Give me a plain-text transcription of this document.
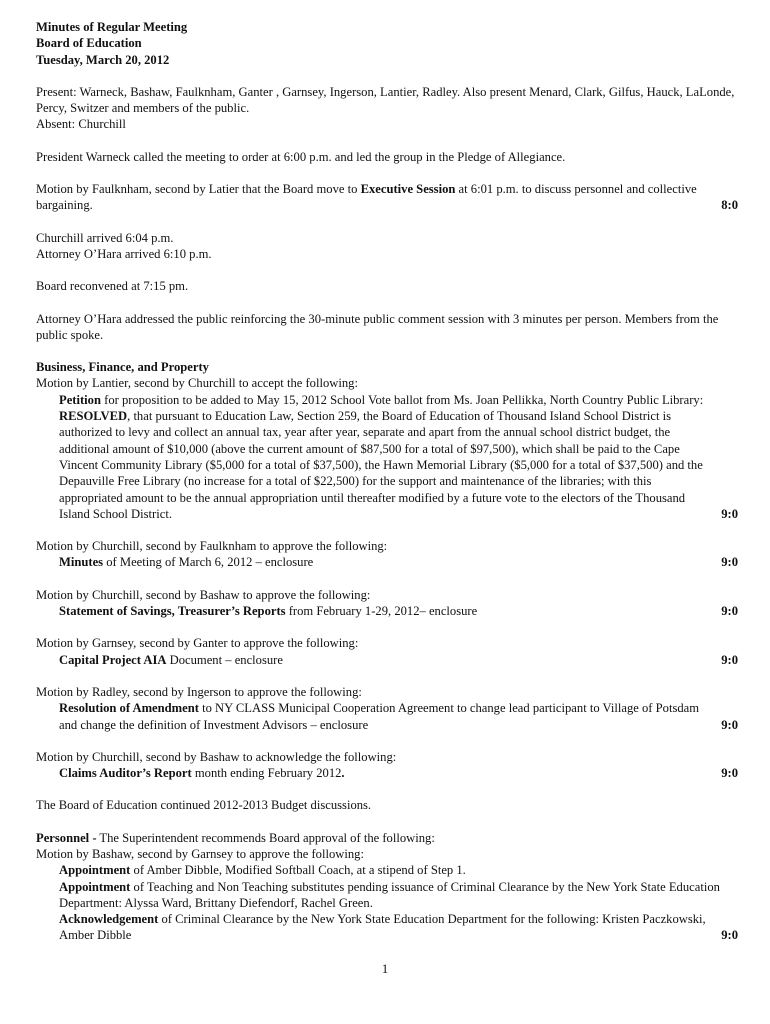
Minutes of Regular Meeting
Board of Education
Tuesday, March 20, 2012
Present: Warneck, Bashaw, Faulknham, Ganter , Garnsey, Ingerson, Lantier, Radley. Also present Menard, Clark, Gilfus, Hauck, LaLonde, Percy, Switzer and members of the public.
Absent: Churchill
President Warneck called the meeting to order at 6:00 p.m. and led the group in the Pledge of Allegiance.
Motion by Faulknham, second by Latier that the Board move to Executive Session at 6:01 p.m. to discuss personnel and collective bargaining.	8:0
Churchill arrived 6:04 p.m.
Attorney O’Hara arrived 6:10 p.m.
Board reconvened at 7:15 pm.
Attorney O’Hara addressed the public reinforcing the 30-minute public comment session with 3 minutes per person. Members from the public spoke.
Business, Finance, and Property
Motion by Lantier, second by Churchill to accept the following:
Petition for proposition to be added to May 15, 2012 School Vote ballot from Ms. Joan Pellikka, North Country Public Library: RESOLVED, that pursuant to Education Law, Section 259, the Board of Education of Thousand Island School District is authorized to levy and collect an annual tax, year after year, separate and apart from the annual school district budget, the additional amount of $10,000 (above the current amount of $87,500 for a total of $97,500), which shall be paid to the Cape Vincent Community Library ($5,000 for a total of $37,500), the Hawn Memorial Library ($5,000 for a total of $37,500) and the Depauville Free Library (no increase for a total of $22,500) for the support and maintenance of the libraries; with this appropriated amount to be the annual appropriation until thereafter modified by a future vote to the electors of the Thousand Island School District.	9:0
Motion by Churchill, second by Faulknham to approve the following:
Minutes of Meeting of March 6, 2012 – enclosure	9:0
Motion by Churchill, second by Bashaw to approve the following:
Statement of Savings, Treasurer’s Reports from February 1-29, 2012– enclosure	9:0
Motion by Garnsey, second by Ganter to approve the following:
Capital Project AIA Document – enclosure	9:0
Motion by Radley, second by Ingerson to approve the following:
Resolution of Amendment to NY CLASS Municipal Cooperation Agreement to change lead participant to Village of Potsdam and change the definition of Investment Advisors – enclosure	9:0
Motion by Churchill, second by Bashaw to acknowledge the following:
Claims Auditor’s Report month ending February 2012.	9:0
The Board of Education continued 2012-2013 Budget discussions.
Personnel - The Superintendent recommends Board approval of the following:
Motion by Bashaw, second by Garnsey to approve the following:
Appointment of Amber Dibble, Modified Softball Coach, at a stipend of Step 1.
Appointment of Teaching and Non Teaching substitutes pending issuance of Criminal Clearance by the New York State Education Department: Alyssa Ward, Brittany Diefendorf, Rachel Green.
Acknowledgement of Criminal Clearance by the New York State Education Department for the following: Kristen Paczkowski, Amber Dibble	9:0
1
